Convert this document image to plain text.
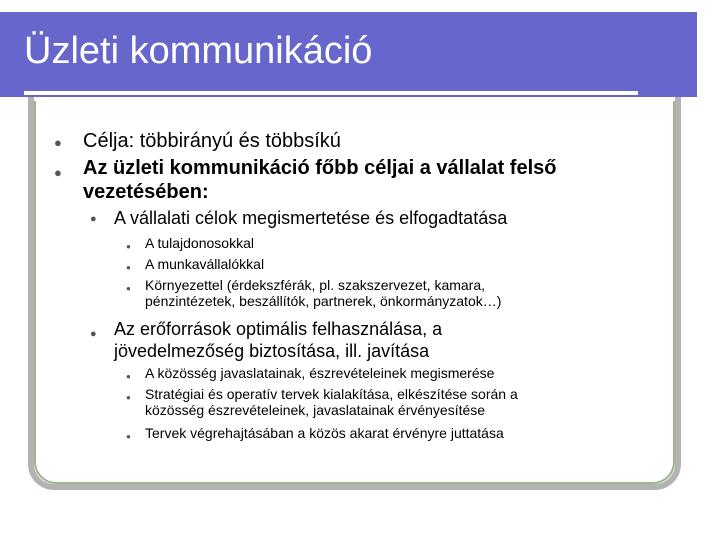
Üzleti kommunikáció
● Célja: többirányú és többsíkú
● Az üzleti kommunikáció főbb céljai a vállalat felső
vezetésében:
● A vállalati célok megismertetése és elfogadtatása
● A tulajdonosokkal
● A munkavállalókkal
● Környezettel (érdekszférák, pl. szakszervezet, kamara,
pénzintézetek, beszállítók, partnerek, önkormányzatok…)
● Az erőforrások optimális felhasználása, a
jövedelmezőség biztosítása, ill. javítása
● A közösség javaslatainak, észrevételeinek megismerése
● Stratégiai és operatív tervek kialakítása, elkészítése során a
közösség észrevételeinek, javaslatainak érvényesítése
● Tervek végrehajtásában a közös akarat érvényre juttatása
